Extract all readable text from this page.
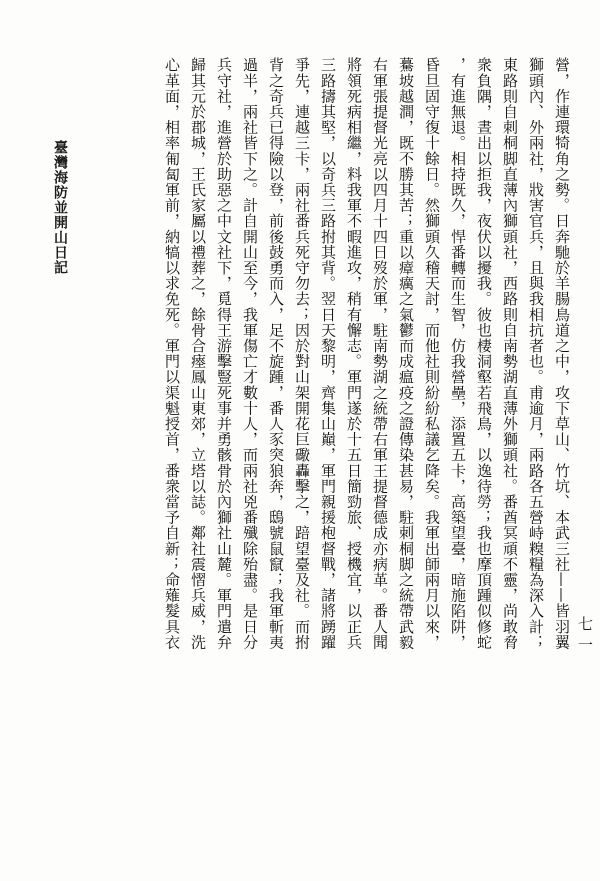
營，作連環犄角之勢。日奔馳於羊腸鳥道之中，攻下草山、竹坑、本武三社——皆羽翼
獅頭內、外兩社，戕害官兵，且與我相抗者也。甫逾月，兩路各五營峙糗糧為深入計；
東路則自刺桐脚直薄內獅頭社，西路則自南勢湖直薄外獅頭社。番酋冥頑不靈，尚敢脅
衆負隅，晝出以拒我，夜伏以擾我。彼也棲洞壑若飛鳥，以逸待勞；我也摩頂踵似修蛇
，有進無退。相持既久，悍番轉而生智，仿我營壘，添置五卡，高築望臺，暗施陷阱，
昏旦固守復十餘日。然獅頭久稽天討，而他社則紛紛私議乞降矣。我軍出師兩月以來，
驀坡越澗，既不勝其苦；重以瘴癘之氣鬱而成瘟疫之證傳染甚易，駐刺桐脚之統帶武毅
右軍張提督光亮以四月十四日歿於軍，駐南勢湖之統帶右軍王提督德成亦病革。番人聞
將領死病相繼，料我軍不暇進攻，稍有懈志。軍門遂於十五日簡勁旅、授機宜，以正兵
三路擣其堅，以奇兵三路拊其背。翌日天黎明，齊集山巔，軍門親援枹督戰，諸將踴躍
爭先，連越三卡，兩社番兵死守勿去；因於對山架開花巨礮轟擊之，踣望臺及社。而拊
背之奇兵已得險以登，前後鼓勇而入，足不旋踵，番人豕突狼奔，鴟號鼠竄；我軍斬夷
過半，兩社皆下之。計自開山至今，我軍傷亡才數十人，而兩社兇番殲除殆盡。是日分
兵守社，進營於助惡之中文社下，覓得王游擊豎死事并勇骸骨於內獅社山麓。軍門遣弁
歸其元於郡城，王氏家屬以禮葬之，餘骨合瘞鳳山東郊，立塔以誌。鄰社震慴兵威，洗
心革面，相率匍匐軍前，納犒以求免死。軍門以渠魁授首，番衆當予自新；命薙髮具衣
臺灣海防並開山日記
七一
